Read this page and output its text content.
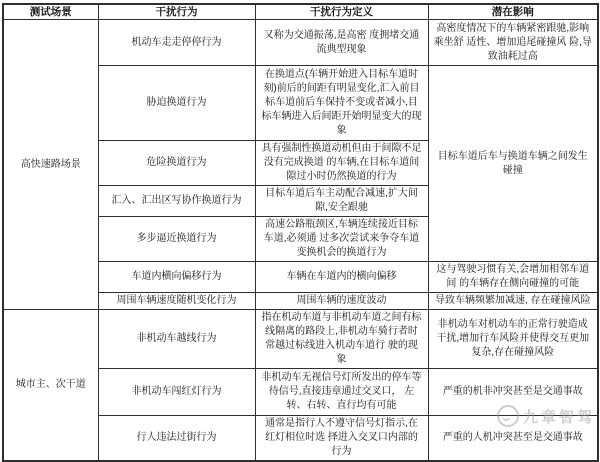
测试场景	干扰行为	干扰行为定义	潜在影响
高快速路场景	机动车走走停停行为	又称为交通振荡,是高密 度拥堵交通流典型现象	高密度情况下的车辆紧密跟驰,影响乘坐舒 适性、增加追尾碰撞风 险,导致油耗过高
	胁迫换道行为	在换道点(车辆开始进入目标车道时刻)前后的间距有明显变化,汇入前目标车道前后车保持不变或者减小,目标车辆进入后间距开始明显变大的现象	目标车道后车与换道车辆之间发生碰撞
	危险换道行为	具有强制性换道动机但由于间隙不足没有完成换道 的车辆,在目标车道间隙过小时仍然换道的行为	
	汇入、汇出区写协作换道行为	目标车道后车主动配合减速,扩大间隙,安全跟驰	
	多步逼近换道行为	高速公路瓶颈区,车辆连续接近目标车道,必须通 过多次尝试来争夺车道变换机会的换道行为	
	车道内横向偏移行为	车辆在车道内的横向偏移	这与驾驶习惯有关,会增加相邻车道间 的车辆存在侧向碰撞的可能
	周围车辆速度随机变化行为	周围车辆的速度波动	导致车辆频繁加减速, 存在碰撞风险
城市主、次干道	非机动车越线行为	指在机动车道与非机动车道之间有标线隔离的路段上,非机动车骑行者时常越过标线进入机动车道行 驶的现象	非机动车对机动车的正常行驶造成干扰,增加行车风险并使得交互更加复杂,存在碰撞风险
	非机动车闯红灯行为	非机动车无视信号灯所发出的停车等待信号,直接违章通过交叉口， 左转、右转、直行均有可能	严重的机非冲突甚至是交通事故
	行人违法过街行为	通常是指行人不遵守信号灯指示,在红灯相位时选 择进入交叉口内部的行为	严重的人机冲突甚至是交通事故
九章智驾
